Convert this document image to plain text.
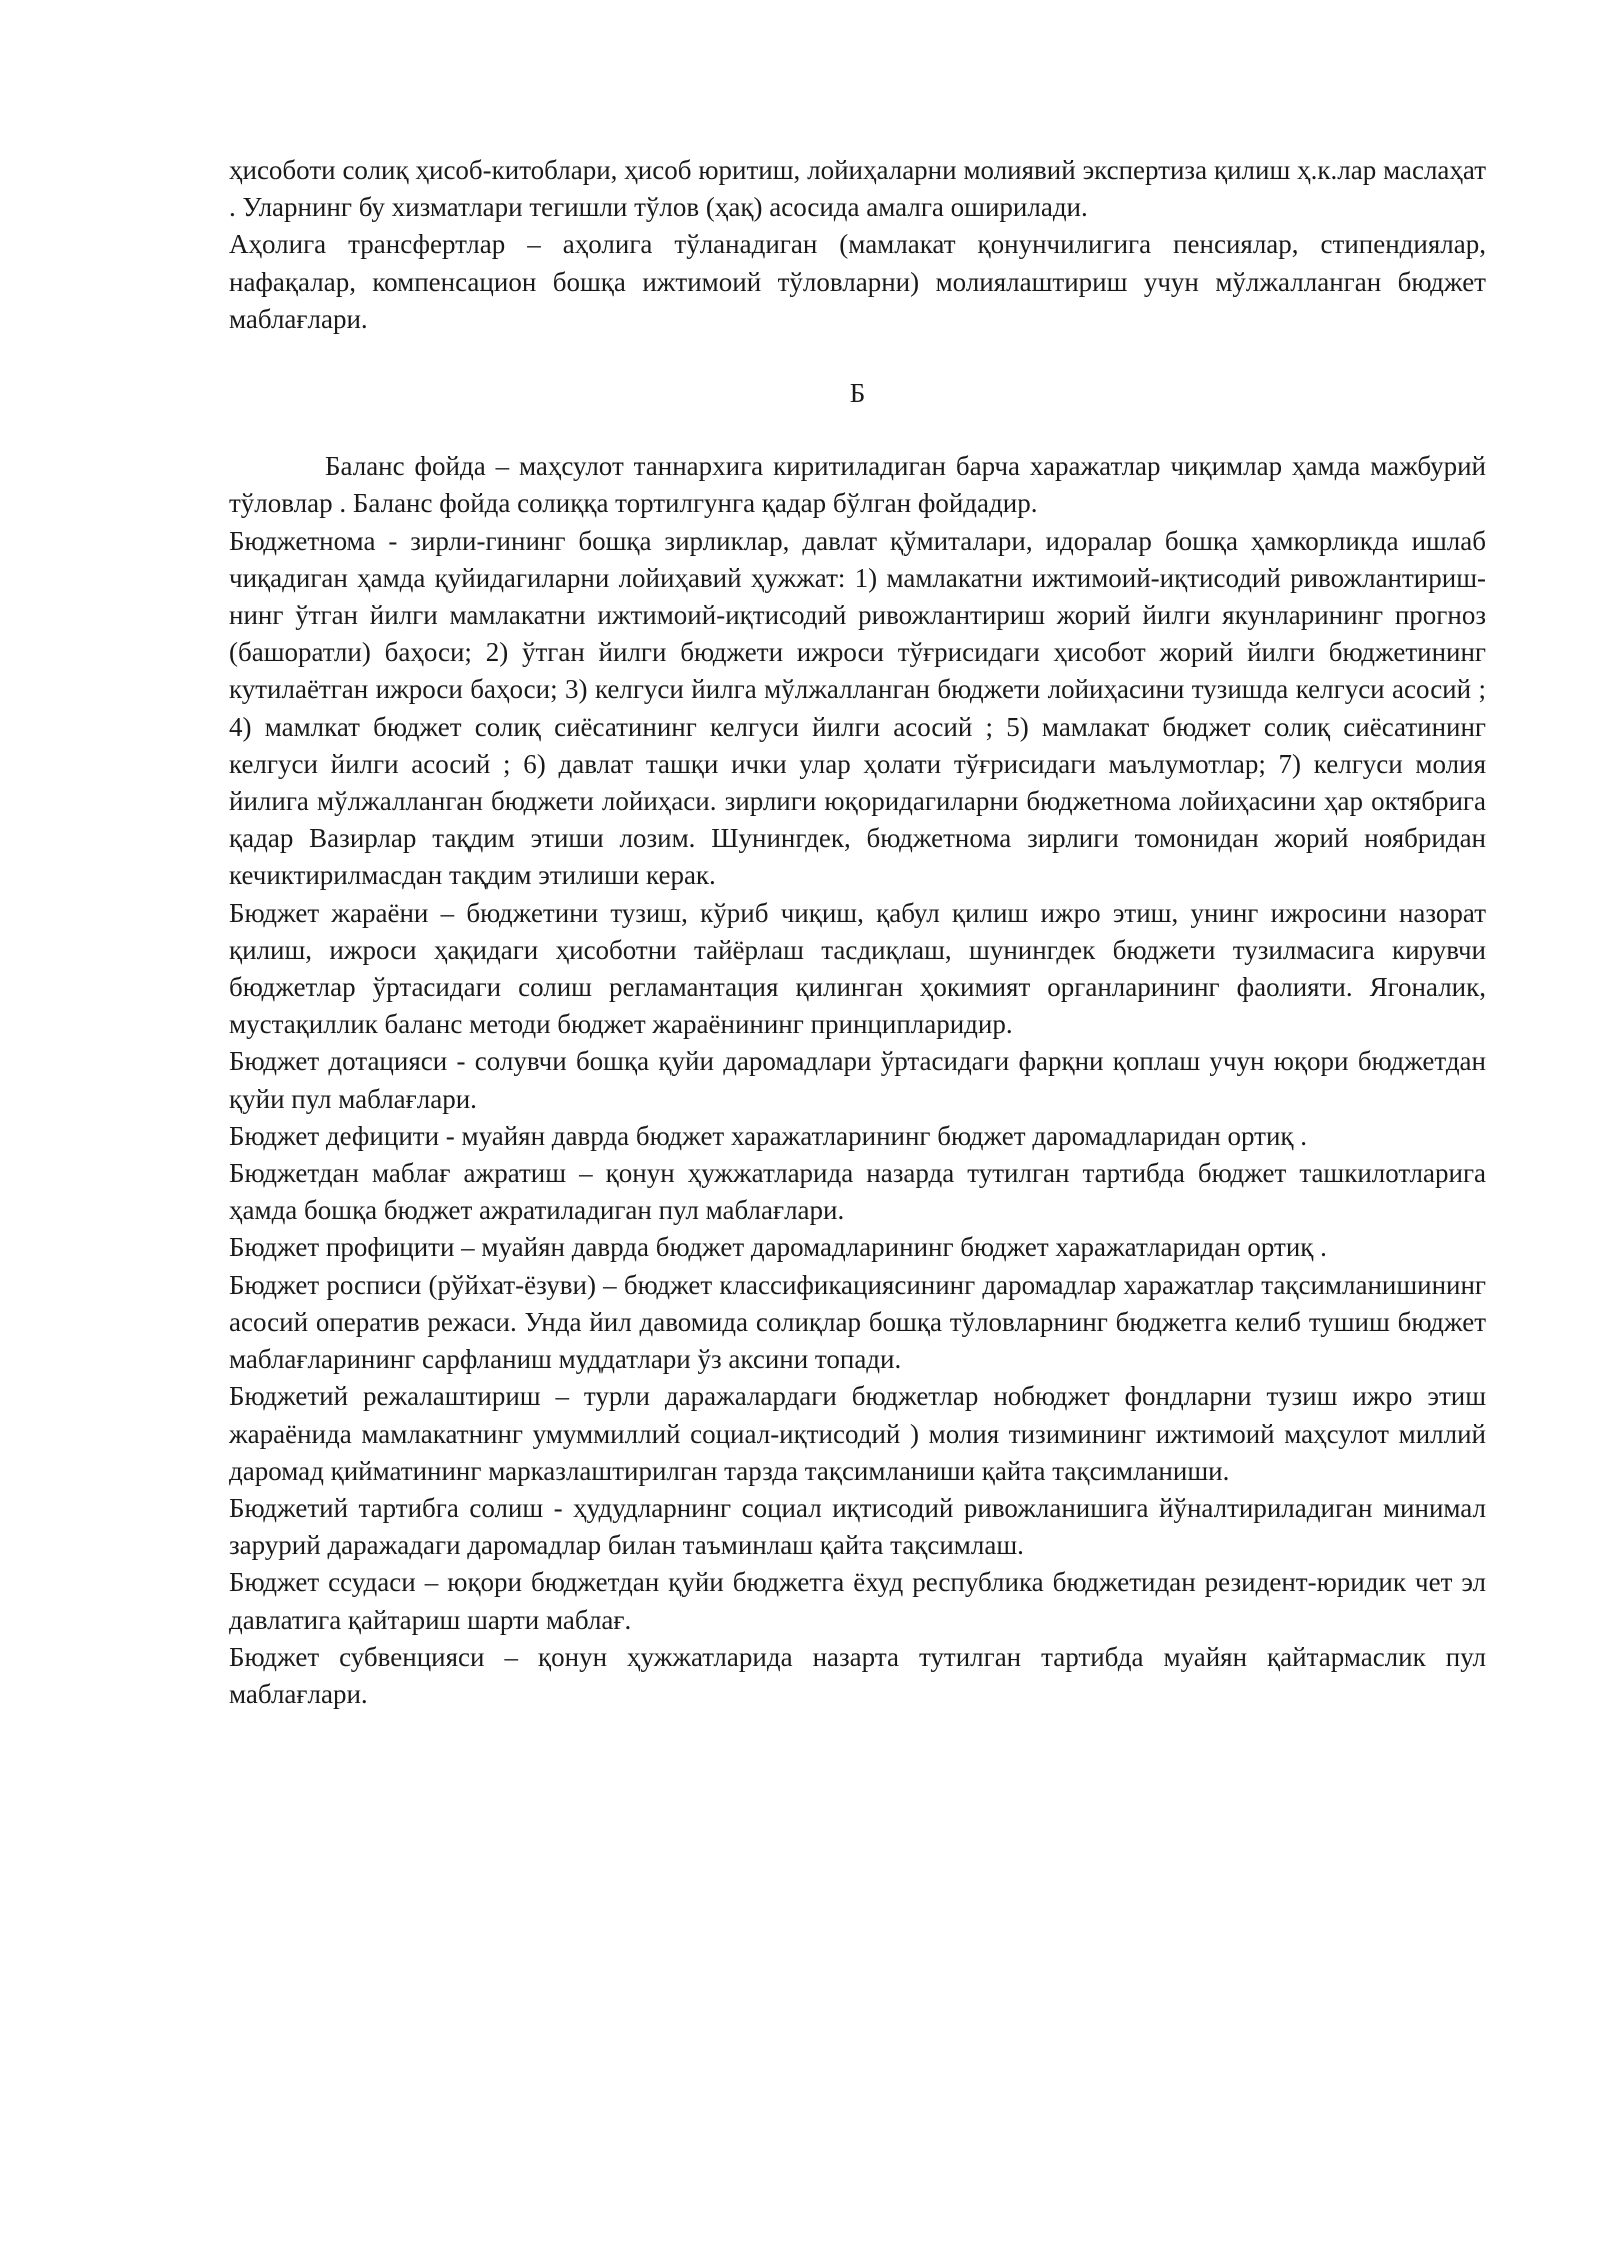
ҳисоботи солиқ ҳисоб-китоблари, ҳисоб юритиш, лойиҳаларни молиявий экспертиза қилиш ҳ.к.лар маслаҳат . Уларнинг бу хизматлари тегишли тўлов (ҳақ) асосида амалга оширилади.

Аҳолига трансфертлар – аҳолига тўланадиган (мамлакат қонунчилигига пенсиялар, стипендиялар, нафақалар, компенсацион бошқа ижтимоий тўловларни) молиялаштириш учун мўлжалланган бюджет маблағлари.

Б

Баланс фойда – маҳсулот таннархига киритиладиган барча харажатлар чиқимлар ҳамда мажбурий тўловлар . Баланс фойда солиққа тортилгунга қадар бўлган фойдадир.

Бюджетнома - зирли-гининг бошқа зирликлар, давлат қўмиталари, идоралар бошқа ҳамкорликда ишлаб чиқадиган ҳамда қуйидагиларни лойиҳавий ҳужжат: 1) мамлакатни ижтимоий-иқтисодий ривожлантириш-нинг ўтган йилги мамлакатни ижтимоий-иқтисодий ривожлантириш жорий йилги якунларининг прогноз (башоратли) баҳоси; 2) ўтган йилги бюджети ижроси тўғрисидаги ҳисобот жорий йилги бюджетининг кутилаётган ижроси баҳоси; 3) келгуси йилга мўлжалланган бюджети лойиҳасини тузишда келгуси асосий ; 4) мамлкат бюджет солиқ сиёсатининг келгуси йилги асосий ; 5) мамлакат бюджет солиқ сиёсатининг келгуси йилги асосий ; 6) давлат ташқи ички улар ҳолати тўғрисидаги маълумотлар; 7) келгуси молия йилига мўлжалланган бюджети лойиҳаси. зирлиги юқоридагиларни бюджетнома лойиҳасини ҳар октябрига қадар Вазирлар тақдим этиши лозим. Шунингдек, бюджетнома зирлиги томонидан жорий ноябридан кечиктирилмасдан тақдим этилиши керак.

Бюджет жараёни – бюджетини тузиш, кўриб чиқиш, қабул қилиш ижро этиш, унинг ижросини назорат қилиш, ижроси ҳақидаги ҳисоботни тайёрлаш тасдиқлаш, шунингдек бюджети тузилмасига кирувчи бюджетлар ўртасидаги солиш регламантация қилинган ҳокимият органларининг фаолияти. Ягоналик, мустақиллик баланс методи бюджет жараёнининг принципларидир.

Бюджет дотацияси - солувчи бошқа қуйи даромадлари ўртасидаги фарқни қоплаш учун юқори бюджетдан қуйи пул маблағлари.

Бюджет дефицити - муайян даврда бюджет харажатларининг бюджет даромадларидан ортиқ .

Бюджетдан маблағ ажратиш – қонун ҳужжатларида назарда тутилган тартибда бюджет ташкилотларига ҳамда бошқа бюджет ажратиладиган пул маблағлари.

Бюджет профицити – муайян даврда бюджет даромадларининг бюджет харажатларидан ортиқ .

Бюджет росписи (рўйхат-ёзуви) – бюджет классификациясининг даромадлар харажатлар тақсимланишининг асосий оператив режаси. Унда йил давомида солиқлар бошқа тўловларнинг бюджетга келиб тушиш бюджет маблағларининг сарфланиш муддатлари ўз аксини топади.

Бюджетий режалаштириш – турли даражалардаги бюджетлар нобюджет фондларни тузиш ижро этиш жараёнида мамлакатнинг умуммиллий социал-иқтисодий ) молия тизимининг ижтимоий маҳсулот миллий даромад қийматининг марказлаштирилган тарзда тақсимланиши қайта тақсимланиши.

Бюджетий тартибга солиш - ҳудудларнинг социал иқтисодий ривожланишига йўналтириладиган минимал зарурий даражадаги даромадлар билан таъминлаш қайта тақсимлаш.

Бюджет ссудаси – юқори бюджетдан қуйи бюджетга ёхуд республика бюджетидан резидент-юридик чет эл давлатига қайтариш шарти маблағ.

Бюджет субвенцияси – қонун ҳужжатларида назарта тутилган тартибда муайян қайтармаслик пул маблағлари.
